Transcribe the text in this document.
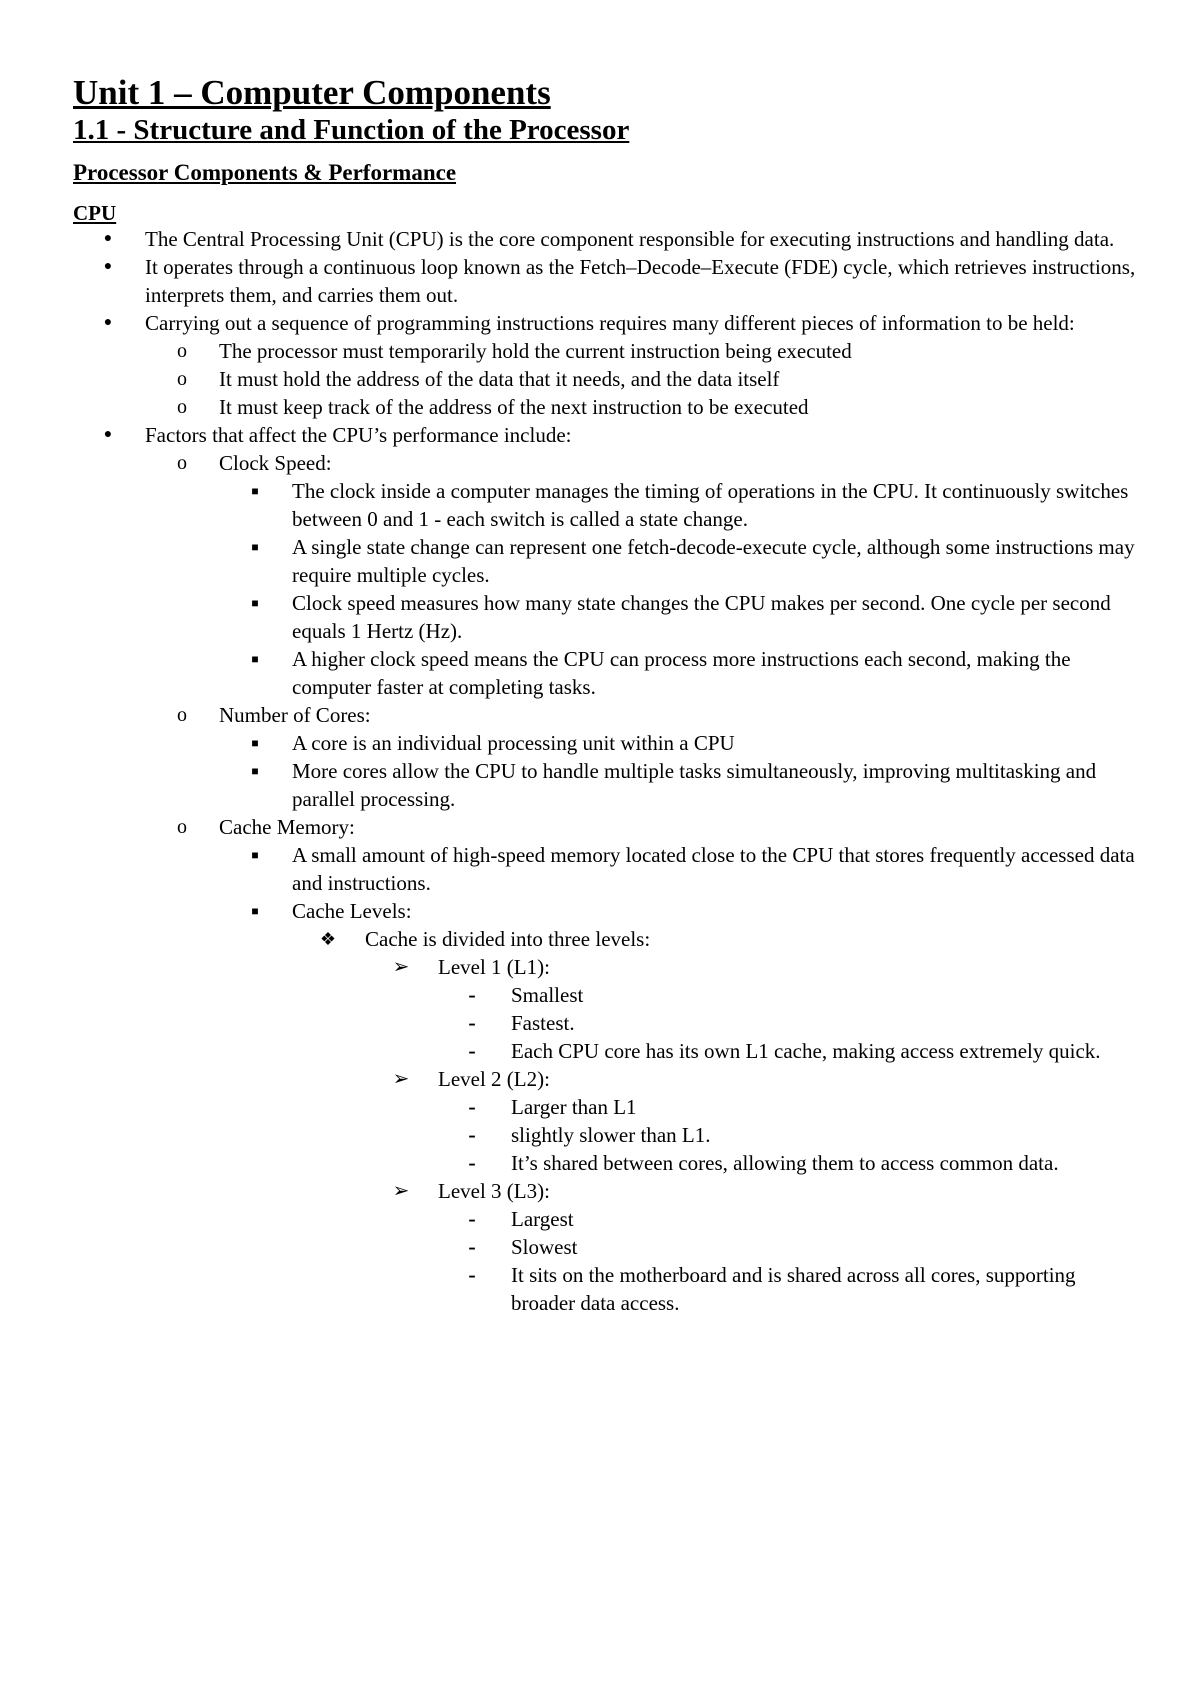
Unit 1 – Computer Components
1.1 - Structure and Function of the Processor
Processor Components & Performance
CPU
●	The Central Processing Unit (CPU) is the core component responsible for executing instructions and handling data.
●	It operates through a continuous loop known as the Fetch–Decode–Execute (FDE) cycle, which retrieves instructions, interprets them, and carries them out.
●	Carrying out a sequence of programming instructions requires many different pieces of information to be held:
o	The processor must temporarily hold the current instruction being executed
o	It must hold the address of the data that it needs, and the data itself
o	It must keep track of the address of the next instruction to be executed
●	Factors that affect the CPU’s performance include:
o	Clock Speed:
■	The clock inside a computer manages the timing of operations in the CPU. It continuously switches between 0 and 1 - each switch is called a state change.
■	A single state change can represent one fetch-decode-execute cycle, although some instructions may require multiple cycles.
■	Clock speed measures how many state changes the CPU makes per second. One cycle per second equals 1 Hertz (Hz).
■	A higher clock speed means the CPU can process more instructions each second, making the computer faster at completing tasks.
o	Number of Cores:
■	A core is an individual processing unit within a CPU
■	More cores allow the CPU to handle multiple tasks simultaneously, improving multitasking and parallel processing.
o	Cache Memory:
■	A small amount of high-speed memory located close to the CPU that stores frequently accessed data and instructions.
■	Cache Levels:
❖	Cache is divided into three levels:
➢	Level 1 (L1):
-	Smallest
-	Fastest.
-	Each CPU core has its own L1 cache, making access extremely quick.
➢	Level 2 (L2):
-	Larger than L1
-	slightly slower than L1.
-	It’s shared between cores, allowing them to access common data.
➢	Level 3 (L3):
-	Largest
-	Slowest
-	It sits on the motherboard and is shared across all cores, supporting broader data access.
